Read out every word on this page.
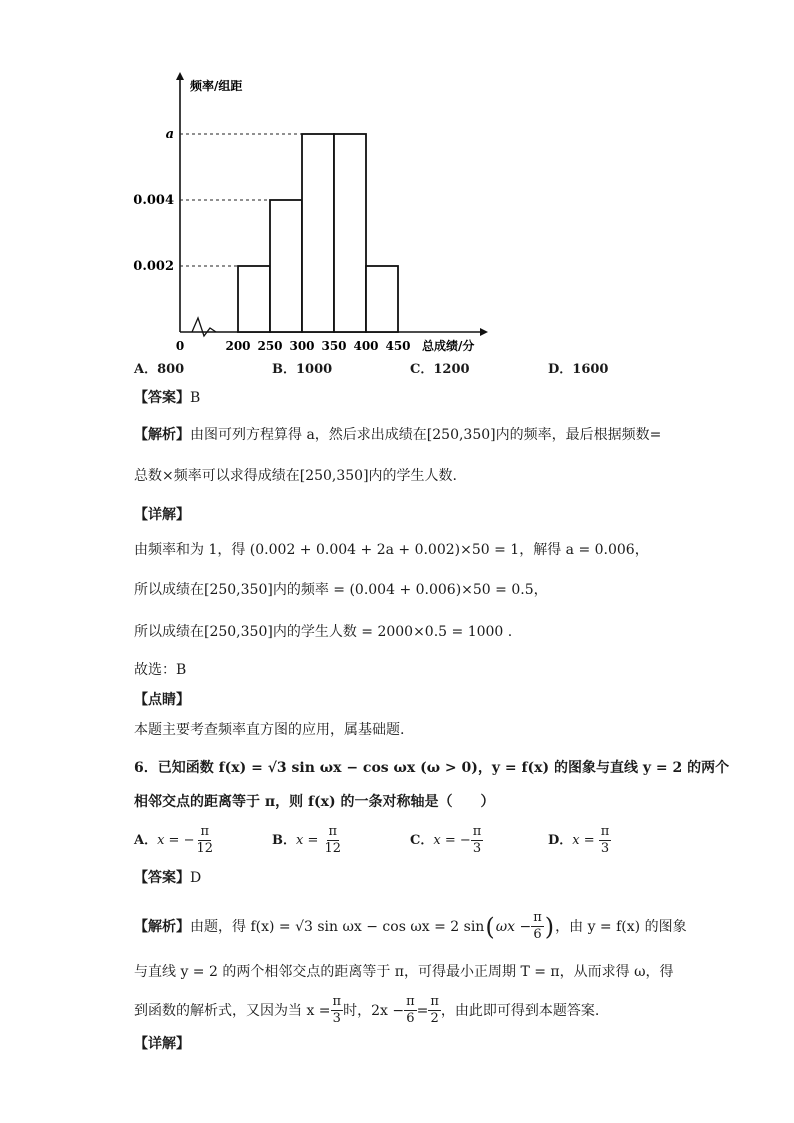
0.002
0.004
a
0	200 250 300 350 400 450
频率/组距
总成绩/分
A．800	B．1000	C．1200	D．1600
【答案】B
【解析】由图可列方程算得 a，然后求出成绩在[250,350]内的频率，最后根据频数=
总数×频率可以求得成绩在[250,350]内的学生人数.
【详解】
由频率和为 1，得 (0.002 + 0.004 + 2a + 0.002)×50 = 1，解得 a = 0.006，
所以成绩在[250,350]内的频率 = (0.004 + 0.006)×50 = 0.5，
所以成绩在[250,350]内的学生人数 = 2000×0.5 = 1000 .
故选：B
【点睛】
本题主要考查频率直方图的应用，属基础题.
6．已知函数 f(x) = √3 sin ωx − cos ωx (ω > 0)，y = f(x) 的图象与直线 y = 2 的两个
相邻交点的距离等于 π，则 f(x) 的一条对称轴是（　　）
A．x = − $\frac{\pi}{12}$	B．$x = \frac{\pi}{12}$	C．x = − $\frac{\pi}{3}$	D．$x = \frac{\pi}{3}$
【答案】D
【解析】 由题，得 f(x) = √3 sin ωx − cos ωx = 2 sin ( $\omega x - \frac{\pi}{6}$ ) ，由 y = f(x) 的图象
与直线 y = 2 的两个相邻交点的距离等于 π，可得最小正周期 T = π，从而求得 ω，得
到函数的解析式，又因为当 $x = \frac{\pi}{3}$ 时，$2x - \frac{\pi}{6} = \frac{\pi}{2}$ ，由此即可得到本题答案.
【详解】
